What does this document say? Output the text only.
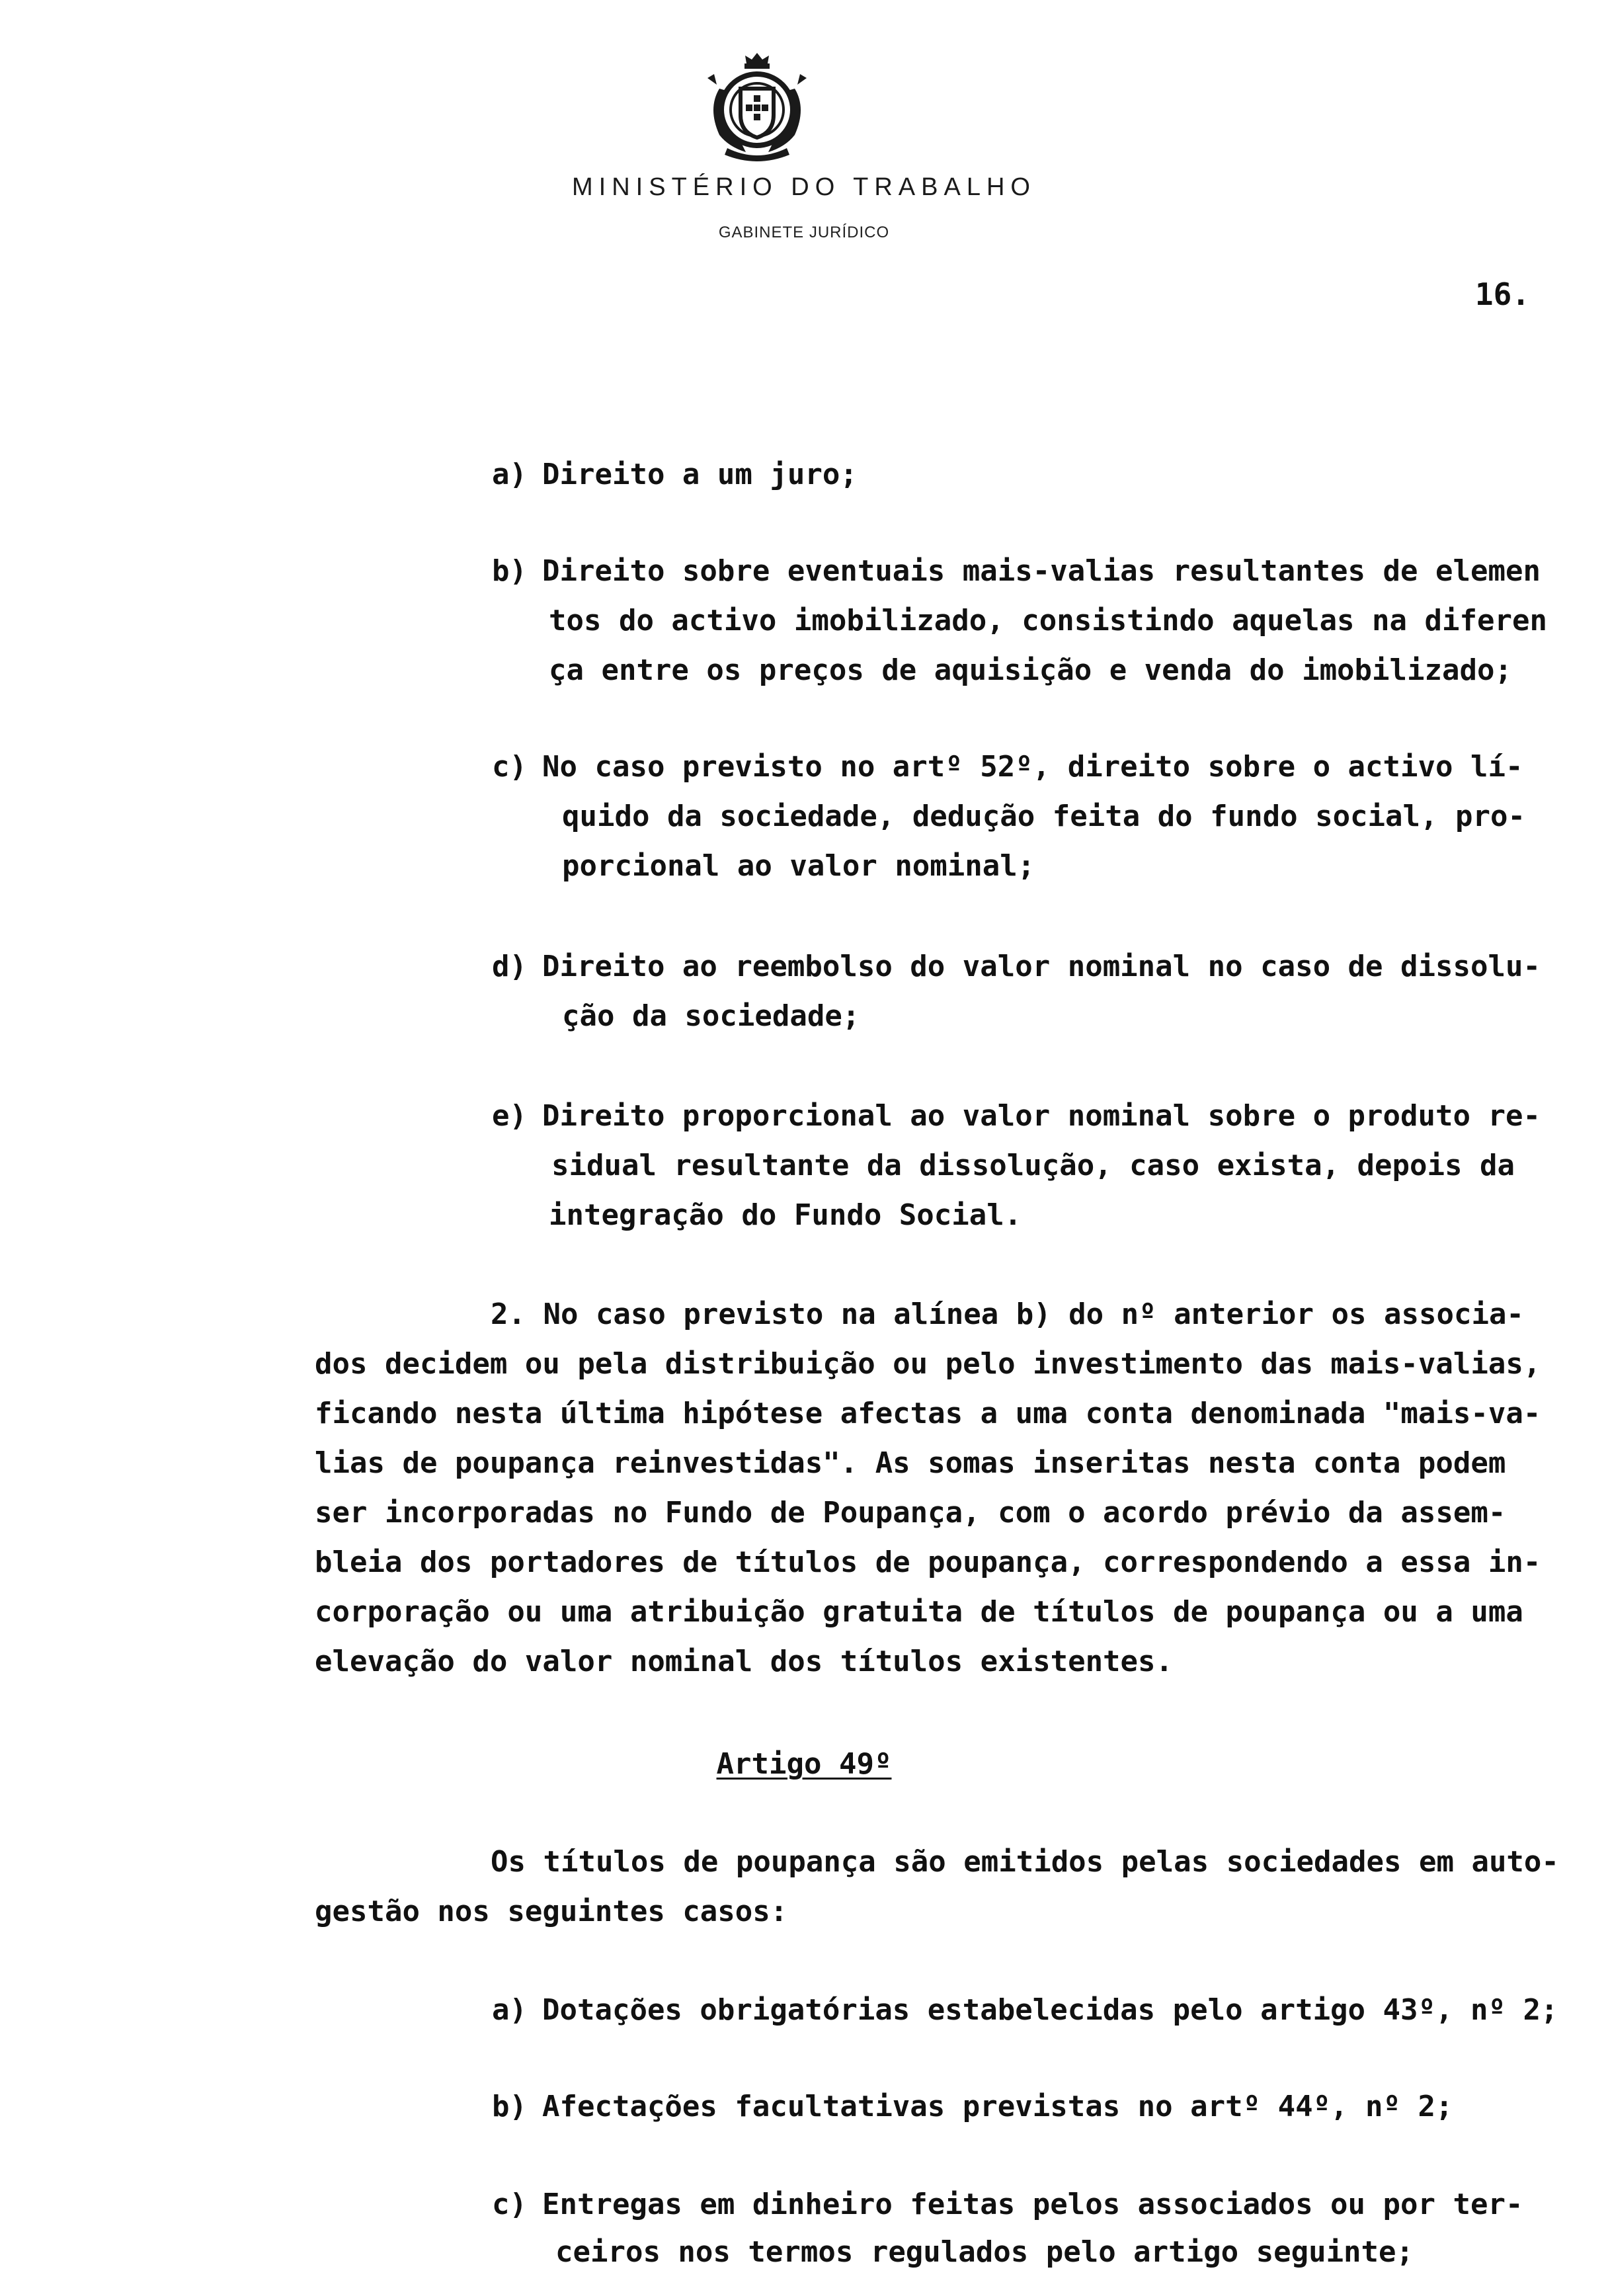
MINISTÉRIO DO TRABALHO
GABINETE JURÍDICO
16.
a) Direito a um juro;
b) Direito sobre eventuais mais-valias resultantes de elemen
tos do activo imobilizado, consistindo aquelas na diferen
ça entre os preços de aquisição e venda do imobilizado;
c) No caso previsto no artº 52º, direito sobre o activo lí-
quido da sociedade, dedução feita do fundo social, pro-
porcional ao valor nominal;
d) Direito ao reembolso do valor nominal no caso de dissolu-
ção da sociedade;
e) Direito proporcional ao valor nominal sobre o produto re-
sidual resultante da dissolução, caso exista, depois da
integração do Fundo Social.
2. No caso previsto na alínea b) do nº anterior os associa-
dos decidem ou pela distribuição ou pelo investimento das mais-valias,
ficando nesta última hipótese afectas a uma conta denominada "mais-va-
lias de poupança reinvestidas". As somas inseritas nesta conta podem
ser incorporadas no Fundo de Poupança, com o acordo prévio da assem-
bleia dos portadores de títulos de poupança, correspondendo a essa in-
corporação ou uma atribuição gratuita de títulos de poupança ou a uma
elevação do valor nominal dos títulos existentes.
Artigo 49º
Os títulos de poupança são emitidos pelas sociedades em auto-
gestão nos seguintes casos:
a) Dotações obrigatórias estabelecidas pelo artigo 43º, nº 2;
b) Afectações facultativas previstas no artº 44º, nº 2;
c) Entregas em dinheiro feitas pelos associados ou por ter-
ceiros nos termos regulados pelo artigo seguinte;
